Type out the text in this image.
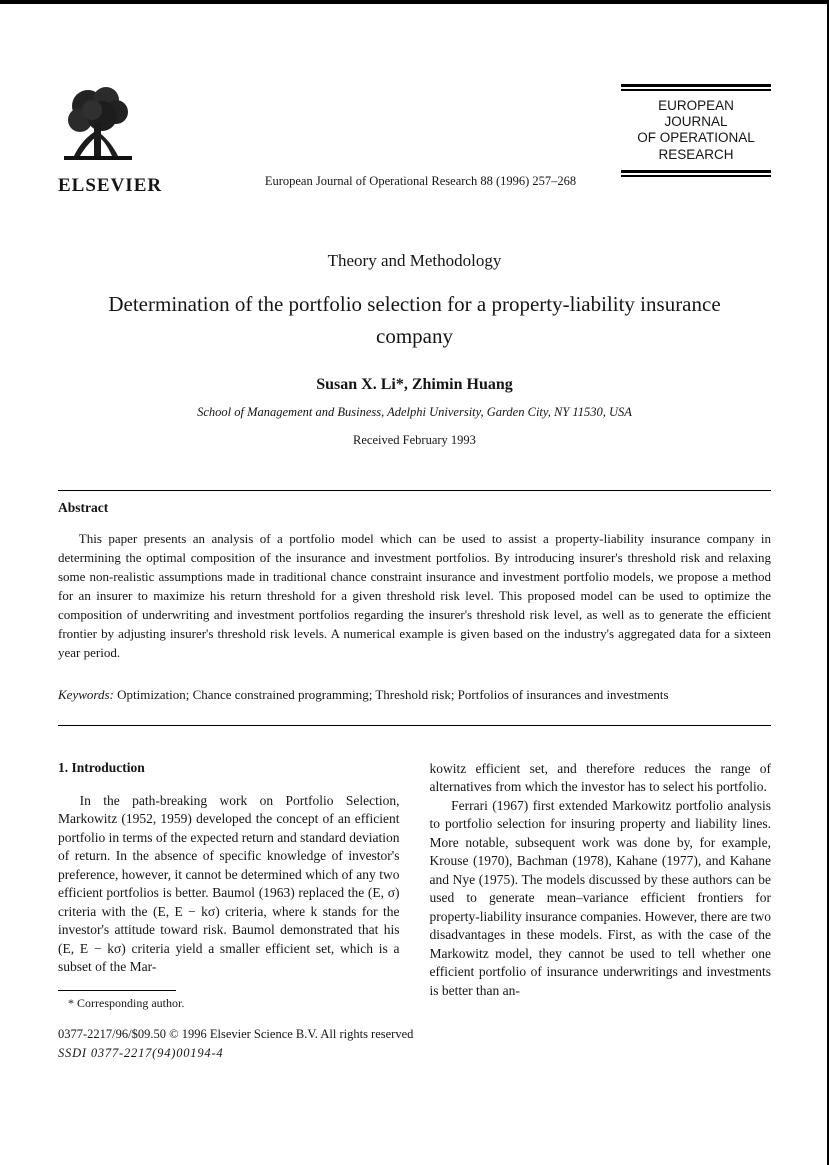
ELSEVIER	European Journal of Operational Research 88 (1996) 257–268
EUROPEAN
JOURNAL
OF OPERATIONAL
RESEARCH
Theory and Methodology
Determination of the portfolio selection for a property-liability insurance company
Susan X. Li*, Zhimin Huang
School of Management and Business, Adelphi University, Garden City, NY 11530, USA
Received February 1993
Abstract

This paper presents an analysis of a portfolio model which can be used to assist a property-liability insurance company in determining the optimal composition of the insurance and investment portfolios. By introducing insurer's threshold risk and relaxing some non-realistic assumptions made in traditional chance constraint insurance and investment portfolio models, we propose a method for an insurer to maximize his return threshold for a given threshold risk level. This proposed model can be used to optimize the composition of underwriting and investment portfolios regarding the insurer's threshold risk level, as well as to generate the efficient frontier by adjusting insurer's threshold risk levels. A numerical example is given based on the industry's aggregated data for a sixteen year period.

Keywords: Optimization; Chance constrained programming; Threshold risk; Portfolios of insurances and investments

1. Introduction

In the path-breaking work on Portfolio Selection, Markowitz (1952, 1959) developed the concept of an efficient portfolio in terms of the expected return and standard deviation of return. In the absence of specific knowledge of investor's preference, however, it cannot be determined which of any two efficient portfolios is better. Baumol (1963) replaced the (E, σ) criteria with the (E, E − kσ) criteria, where k stands for the investor's attitude toward risk. Baumol demonstrated that his (E, E − kσ) criteria yield a smaller efficient set, which is a subset of the Mar-

* Corresponding author.

kowitz efficient set, and therefore reduces the range of alternatives from which the investor has to select his portfolio.

Ferrari (1967) first extended Markowitz portfolio analysis to portfolio selection for insuring property and liability lines. More notable, subsequent work was done by, for example, Krouse (1970), Bachman (1978), Kahane (1977), and Kahane and Nye (1975). The models discussed by these authors can be used to generate mean–variance efficient frontiers for property-liability insurance companies. However, there are two disadvantages in these models. First, as with the case of the Markowitz model, they cannot be used to tell whether one efficient portfolio of insurance underwritings and investments is better than an-

0377-2217/96/$09.50 © 1996 Elsevier Science B.V. All rights reserved
SSDI 0377-2217(94)00194-4
